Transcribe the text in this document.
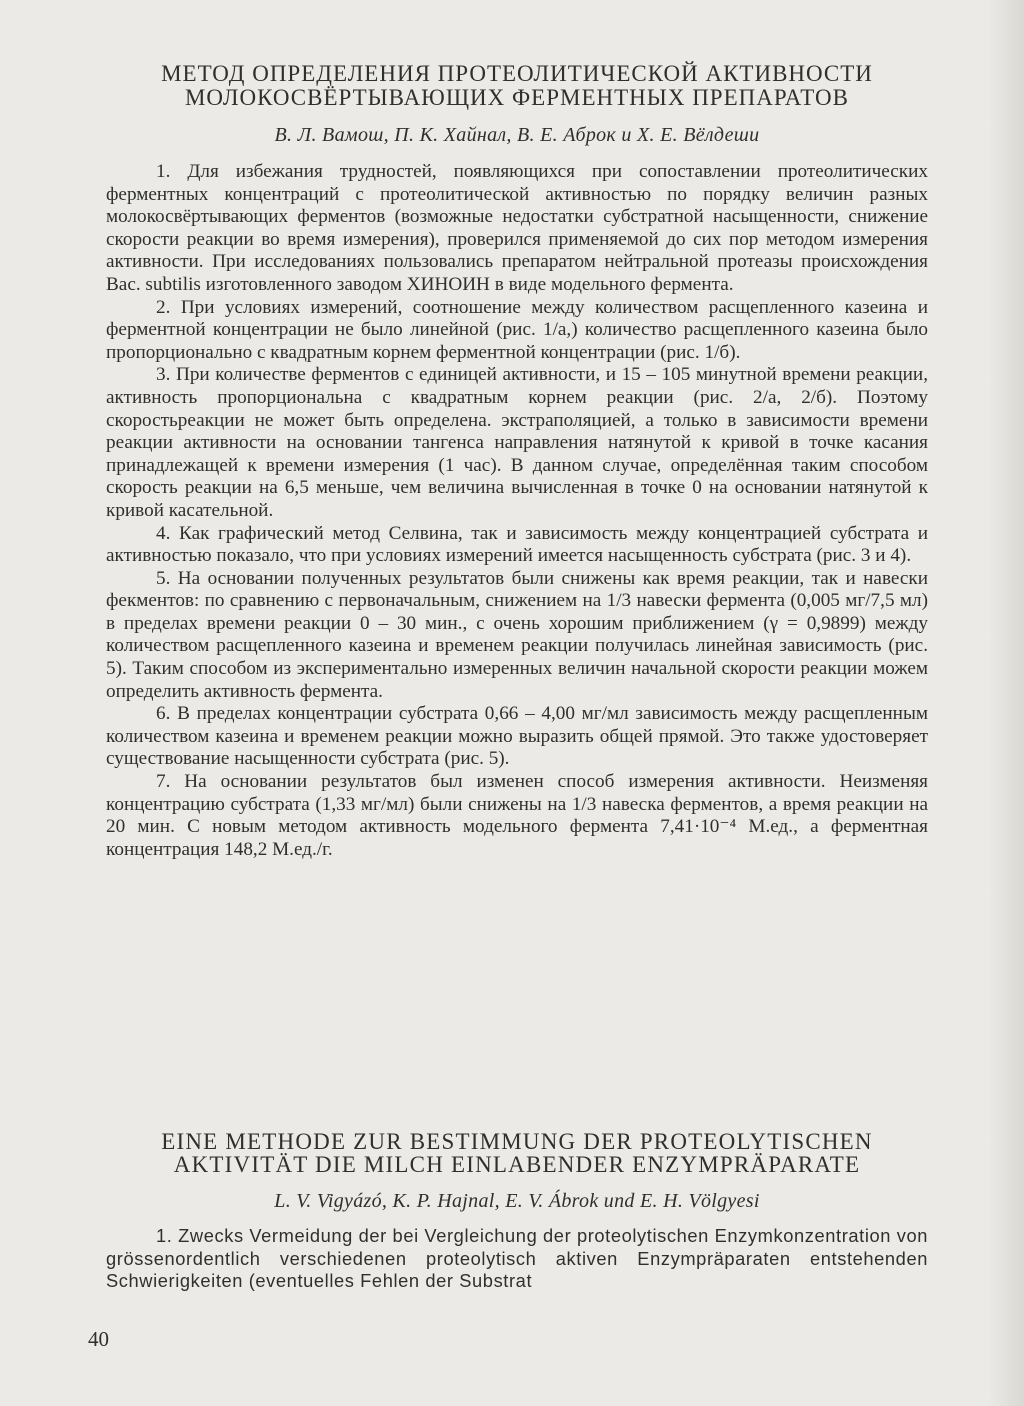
МЕТОД ОПРЕДЕЛЕНИЯ ПРОТЕОЛИТИЧЕСКОЙ АКТИВНОСТИ
МОЛОКОСВЁРТЫВАЮЩИХ ФЕРМЕНТНЫХ ПРЕПАРАТОВ
В. Л. Вамош, П. К. Хайнал, В. Е. Аброк и Х. Е. Вёлдеши

1. Для избежания трудностей, появляющихся при сопоставлении протеолитических ферментных концентраций с протеолитической активностью по порядку величин разных молокосвёртывающих ферментов (возможные недостатки субстратной насыщенности, снижение скорости реакции во время измерения), проверился применяемой до сих пор методом измерения активности. При исследованиях пользовались препаратом нейтральной протеазы происхождения Bac. subtilis изготовленного заводом ХИНОИН в виде модельного фермента.

2. При условиях измерений, соотношение между количеством расщепленного казеина и ферментной концентрации не было линейной (рис. 1/а,) количество расщепленного казеина было пропорционально с квадратным корнем ферментной концентрации (рис. 1/б).

3. При количестве ферментов с единицей активности, и 15 – 105 минутной времени реакции, активность пропорциональна с квадратным корнем реакции (рис. 2/а, 2/б). Поэтому скоростьреакции не может быть определена. экстраполяцией, а только в зависимости времени реакции активности на основании тангенса направления натянутой к кривой в точке касания принадлежащей к времени измерения (1 час). В данном случае, определённая таким способом скорость реакции на 6,5 меньше, чем величина вычисленная в точке 0 на основании натянутой к кривой касательной.

4. Как графический метод Селвина, так и зависимость между концентрацией субстрата и активностью показало, что при условиях измерений имеется насыщенность субстрата (рис. 3 и 4).

5. На основании полученных результатов были снижены как время реакции, так и навески фекментов: по сравнению с первоначальным, снижением на 1/3 навески фермента (0,005 мг/7,5 мл) в пределах времени реакции 0 – 30 мин., с очень хорошим приближением (γ = 0,9899) между количеством расщепленного казеина и временем реакции получилась линейная зависимость (рис. 5). Таким способом из экспериментально измеренных величин начальной скорости реакции можем определить активность фермента.

6. В пределах концентрации субстрата 0,66 – 4,00 мг/мл зависимость между расщепленным количеством казеина и временем реакции можно выразить общей прямой. Это также удостоверяет существование насыщенности субстрата (рис. 5).

7. На основании результатов был изменен способ измерения активности. Неизменяя концентрацию субстрата (1,33 мг/мл) были снижены на 1/3 навеска ферментов, а время реакции на 20 мин. С новым методом активность модельного фермента 7,41·10⁻⁴ М.ед., а ферментная концентрация 148,2 М.ед./г.

EINE METHODE ZUR BESTIMMUNG DER PROTEOLYTISCHEN
AKTIVITÄT DIE MILCH EINLABENDER ENZYMPRÄPARATE
L. V. Vigyázó, K. P. Hajnal, E. V. Ábrok und E. H. Völgyesi

1. Zwecks Vermeidung der bei Vergleichung der proteolytischen Enzymkonzentration von grössenordentlich verschiedenen proteolytisch aktiven Enzympräparaten entstehenden Schwierigkeiten (eventuelles Fehlen der Substrat

40
